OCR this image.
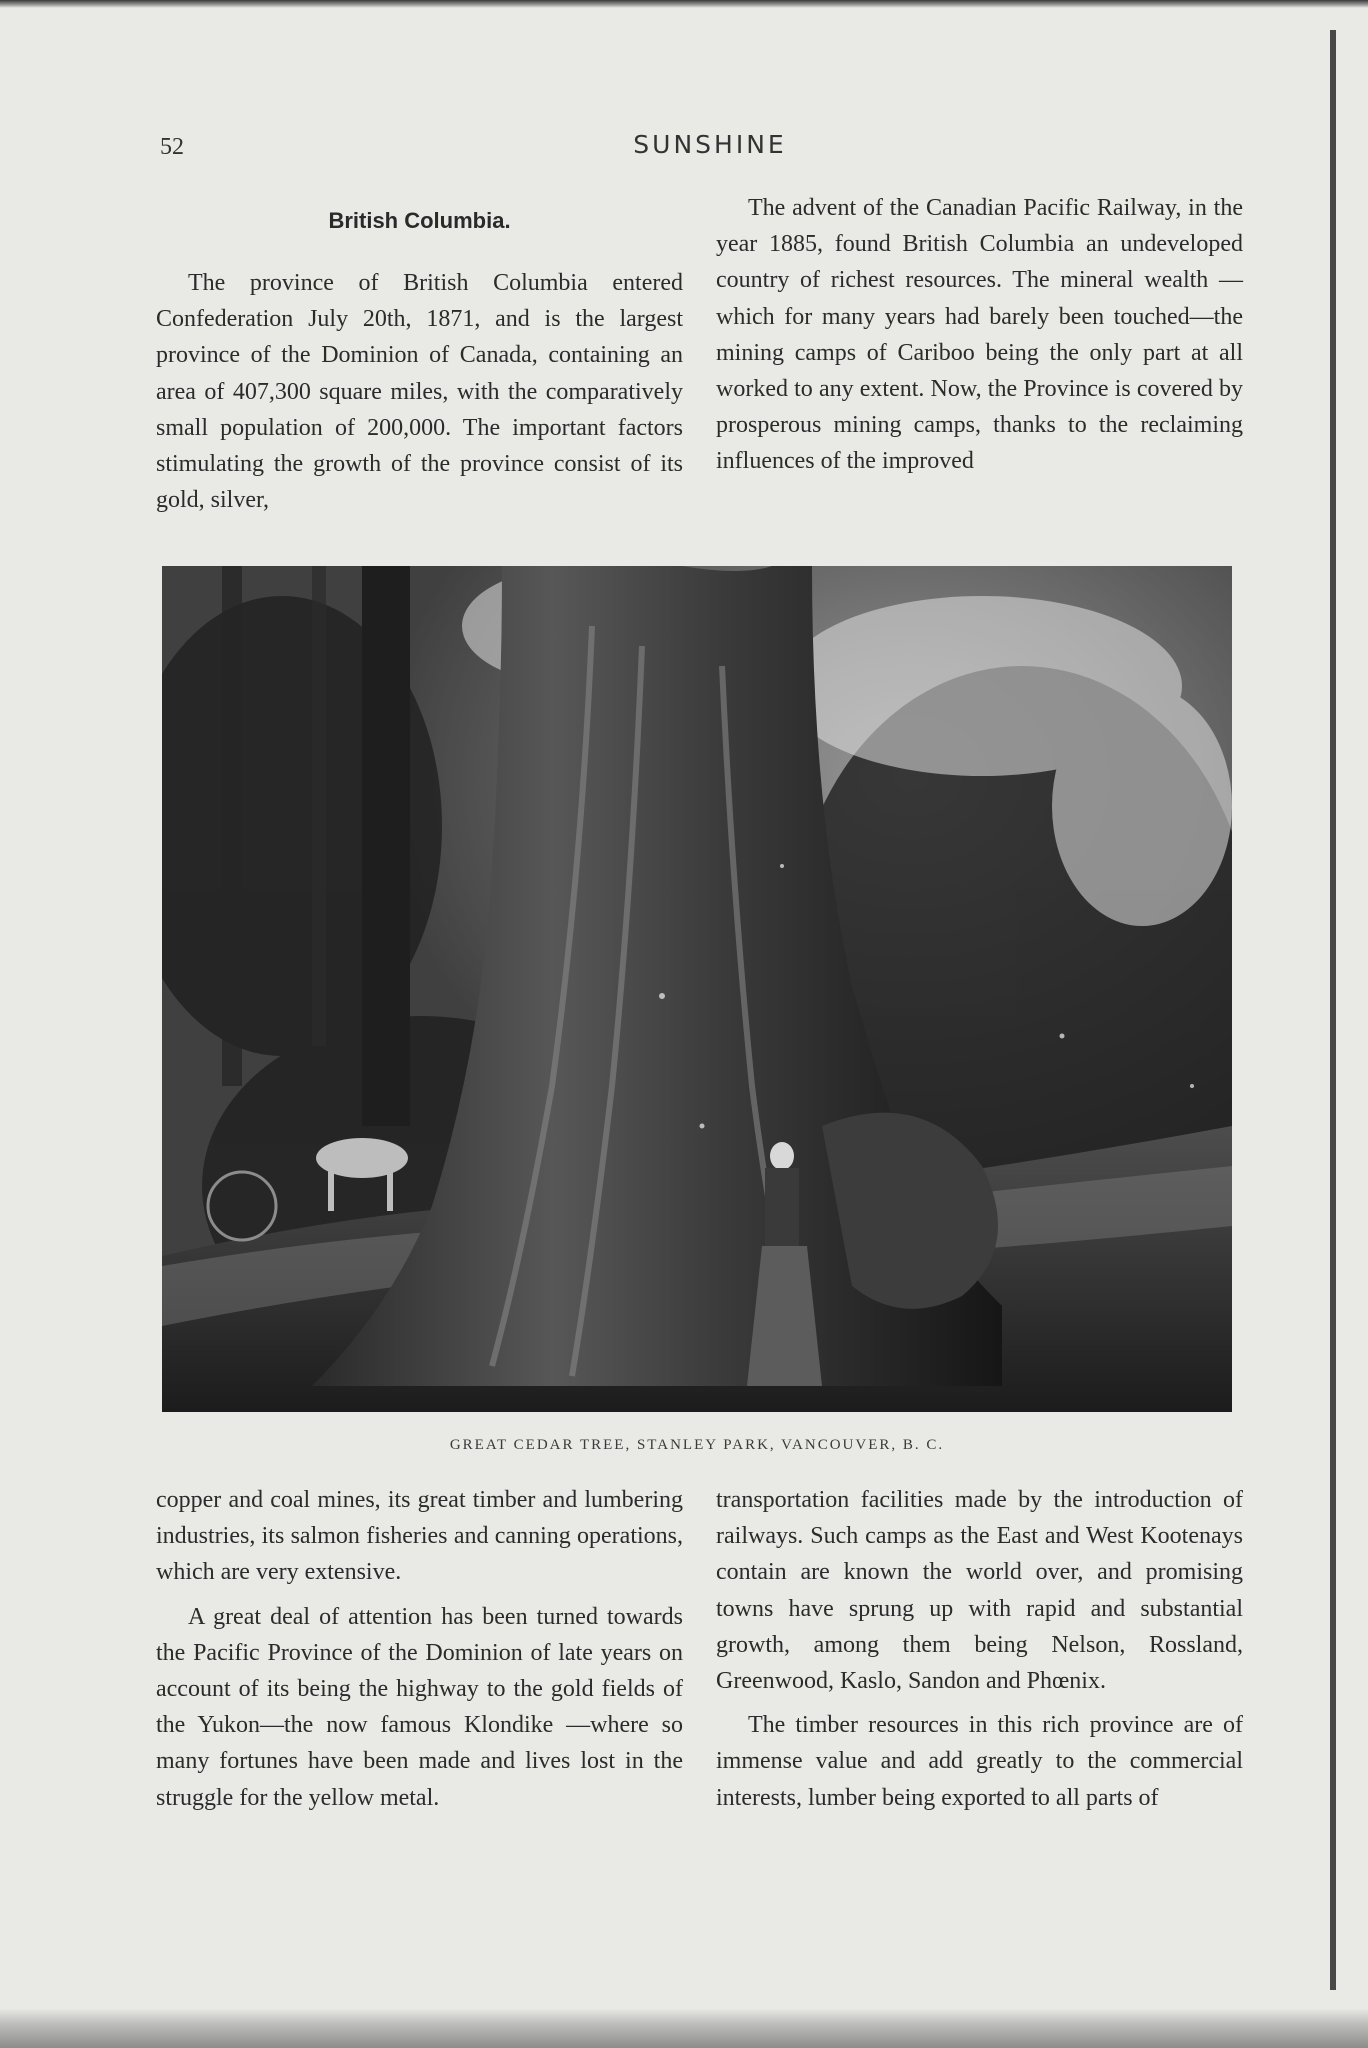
52	SUNSHINE
British Columbia.

The province of British Columbia entered Confederation July 20th, 1871, and is the largest province of the Dominion of Canada, containing an area of 407,300 square miles, with the comparatively small population of 200,000. The important factors stimulating the growth of the province consist of its gold, silver,

The advent of the Canadian Pacific Railway, in the year 1885, found British Columbia an undeveloped country of richest resources. The mineral wealth —which for many years had barely been touched—the mining camps of Cariboo being the only part at all worked to any extent. Now, the Province is covered by prosperous mining camps, thanks to the reclaiming influences of the improved

GREAT CEDAR TREE, STANLEY PARK, VANCOUVER, B. C.

copper and coal mines, its great timber and lumbering industries, its salmon fisheries and canning operations, which are very extensive.

A great deal of attention has been turned towards the Pacific Province of the Dominion of late years on account of its being the highway to the gold fields of the Yukon—the now famous Klondike —where so many fortunes have been made and lives lost in the struggle for the yellow metal.

transportation facilities made by the introduction of railways. Such camps as the East and West Kootenays contain are known the world over, and promising towns have sprung up with rapid and substantial growth, among them being Nelson, Rossland, Greenwood, Kaslo, Sandon and Phœnix.

The timber resources in this rich province are of immense value and add greatly to the commercial interests, lumber being exported to all parts of
